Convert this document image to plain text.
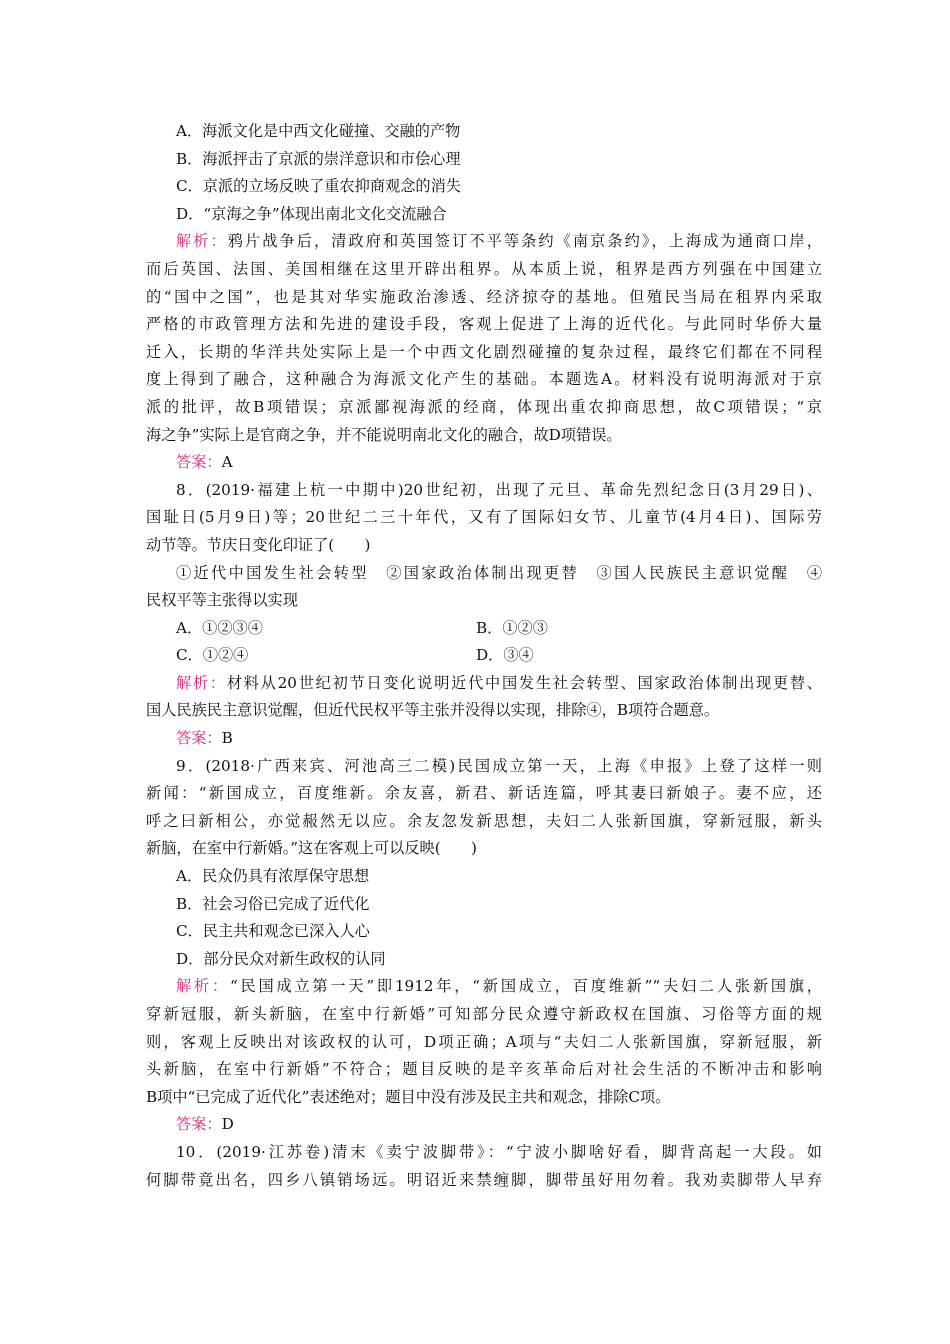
A．海派文化是中西文化碰撞、交融的产物
B．海派抨击了京派的崇洋意识和市侩心理
C．京派的立场反映了重农抑商观念的消失
D．“京海之争”体现出南北文化交流融合
解析：鸦片战争后，清政府和英国签订不平等条约《南京条约》，上海成为通商口岸，
而后英国、法国、美国相继在这里开辟出租界。从本质上说，租界是西方列强在中国建立
的“国中之国”，也是其对华实施政治渗透、经济掠夺的基地。但殖民当局在租界内采取
严格的市政管理方法和先进的建设手段，客观上促进了上海的近代化。与此同时华侨大量
迁入，长期的华洋共处实际上是一个中西文化剧烈碰撞的复杂过程，最终它们都在不同程
度上得到了融合，这种融合为海派文化产生的基础。本题选A。材料没有说明海派对于京
派的批评，故B项错误；京派鄙视海派的经商，体现出重农抑商思想，故C项错误；“京
海之争”实际上是官商之争，并不能说明南北文化的融合，故D项错误。
答案：A
8．(2019·福建上杭一中期中)20世纪初，出现了元旦、革命先烈纪念日(3月29日)、
国耻日(5月9日)等；20世纪二三十年代，又有了国际妇女节、儿童节(4月4日)、国际劳
动节等。节庆日变化印证了(　　)
①近代中国发生社会转型　②国家政治体制出现更替　③国人民族民主意识觉醒　④
民权平等主张得以实现
A．①②③④	B．①②③
C．①②④	D．③④
解析：材料从20世纪初节日变化说明近代中国发生社会转型、国家政治体制出现更替、
国人民族民主意识觉醒，但近代民权平等主张并没得以实现，排除④，B项符合题意。
答案：B
9．(2018·广西来宾、河池高三二模)民国成立第一天，上海《申报》上登了这样一则
新闻：“新国成立，百度维新。余友喜，新君、新话连篇，呼其妻曰新娘子。妻不应，还
呼之曰新相公，亦觉赧然无以应。余友忽发新思想，夫妇二人张新国旗，穿新冠服，新头
新脑，在室中行新婚。”这在客观上可以反映(　　)
A．民众仍具有浓厚保守思想
B．社会习俗已完成了近代化
C．民主共和观念已深入人心
D．部分民众对新生政权的认同
解析：“民国成立第一天”即1912年，“新国成立，百度维新”“夫妇二人张新国旗，
穿新冠服，新头新脑，在室中行新婚”可知部分民众遵守新政权在国旗、习俗等方面的规
则，客观上反映出对该政权的认可，D项正确；A项与“夫妇二人张新国旗，穿新冠服，新
头新脑，在室中行新婚”不符合；题目反映的是辛亥革命后对社会生活的不断冲击和影响
B项中“已完成了近代化”表述绝对；题目中没有涉及民主共和观念，排除C项。
答案：D
10．(2019·江苏卷)清末《卖宁波脚带》：“宁波小脚啥好看，脚背高起一大段。如
何脚带竟出名，四乡八镇销场远。明诏近来禁缠脚，脚带虽好用勿着。我劝卖脚带人早弃
